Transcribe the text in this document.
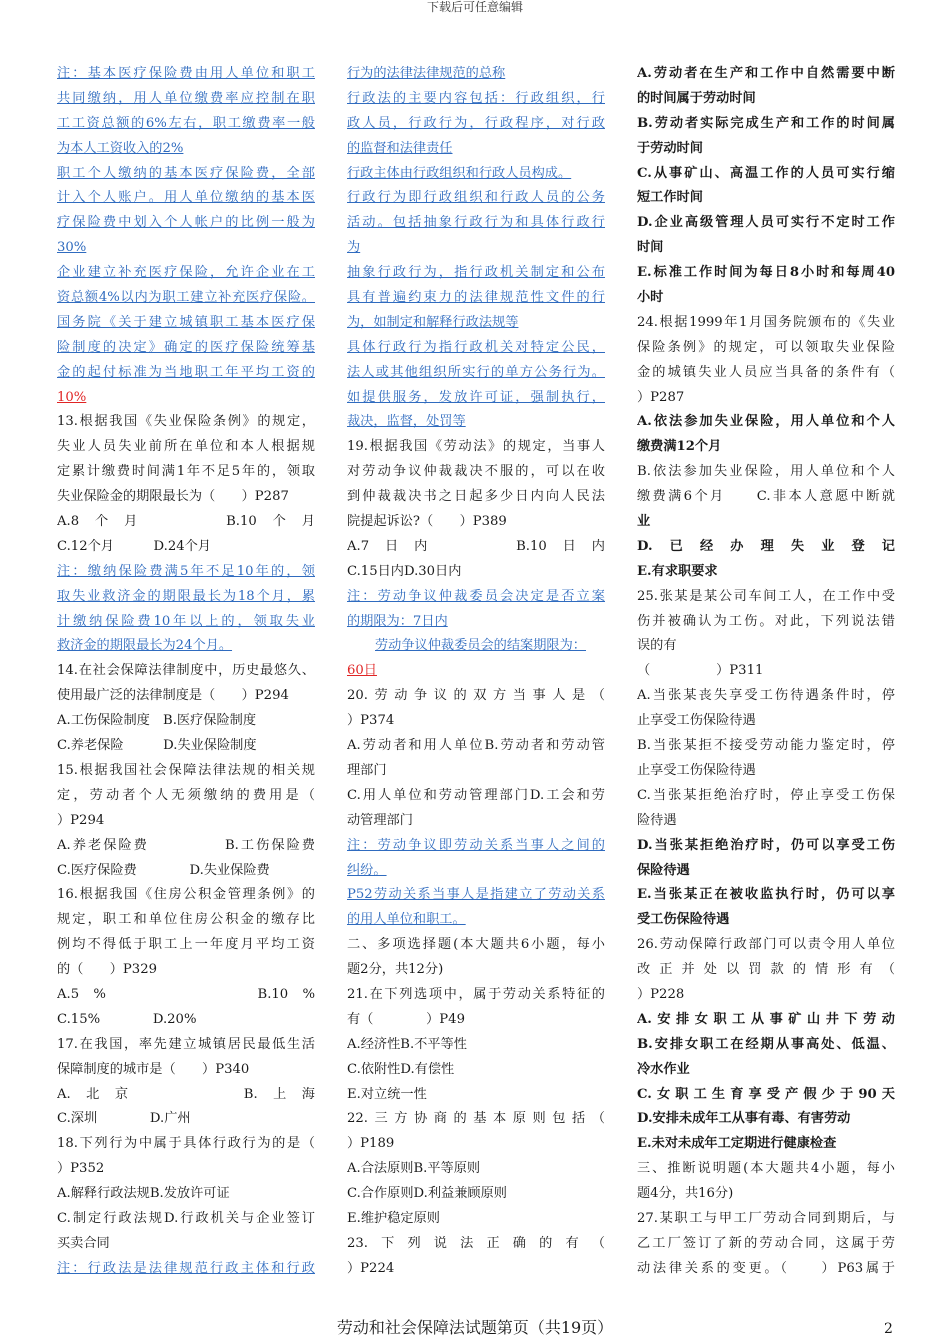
下载后可任意编辑
注：基本医疗保险费由用人单位和职工
共同缴纳，用人单位缴费率应控制在职
工工资总额的6%左右，职工缴费率一般
为本人工资收入的2%
职工个人缴纳的基本医疗保险费，全部
计入个人账户。用人单位缴纳的基本医
疗保险费中划入个人帐户的比例一般为
30%
企业建立补充医疗保险，允许企业在工
资总额4%以内为职工建立补充医疗保险。
国务院《关于建立城镇职工基本医疗保
险制度的决定》确定的医疗保险统筹基
金的起付标准为当地职工年平均工资的
10%
13.根据我国《失业保险条例》的规定，
失业人员失业前所在单位和本人根据规
定累计缴费时间满1年不足5年的，领取
失业保险金的期限最长为（　　）P287
A.8　个　月　　　　　　B.10　个　月
C.12个月　　　D.24个月
注：缴纳保险费满5年不足10年的，领
取失业救济金的期限最长为18个月，累
计缴纳保险费10年以上的，领取失业
救济金的期限最长为24个月。
14.在社会保障法律制度中，历史最悠久、
使用最广泛的法律制度是（　　）P294
A.工伤保险制度　B.医疗保险制度
C.养老保险　　　D.失业保险制度
15.根据我国社会保障法律法规的相关规
定，劳动者个人无须缴纳的费用是（
）P294
A.养老保险费　　　　　B.工伤保险费
C.医疗保险费　　　　D.失业保险费
16.根据我国《住房公积金管理条例》的
规定，职工和单位住房公积金的缴存比
例均不得低于职工上一年度月平均工资
的（　　）P329
A.5　%　　　　　　　　　　　B.10　%
C.15%　　　　D.20%
17.在我国，率先建立城镇居民最低生活
保障制度的城市是（　　）P340
A.　北　京　　　　　　　　B.　上　海
C.深圳　　　　D.广州
18.下列行为中属于具体行政行为的是（
）P352
A.解释行政法规B.发放许可证
C.制定行政法规D.行政机关与企业签订
买卖合同
注：行政法是法律规范行政主体和行政
行为的法律法律规范的总称
行政法的主要内容包括：行政组织，行
政人员，行政行为，行政程序，对行政
的监督和法律责任
行政主体由行政组织和行政人员构成。
行政行为即行政组织和行政人员的公务
活动。包括抽象行政行为和具体行政行
为
抽象行政行为，指行政机关制定和公布
具有普遍约束力的法律规范性文件的行
为，如制定和解释行政法规等
具体行政行为指行政机关对特定公民，
法人或其他组织所实行的单方公务行为。
如提供服务，发放许可证，强制执行，
裁决，监督，处罚等
19.根据我国《劳动法》的规定，当事人
对劳动争议仲裁裁决不服的，可以在收
到仲裁裁决书之日起多少日内向人民法
院提起诉讼?（　　）P389
A.7　日　内　　　　　　B.10　日　内
C.15日内D.30日内
注：劳动争议仲裁委员会决定是否立案
的期限为：7日内
劳动争议仲裁委员会的结案期限为：
60日
20.劳动争议的双方当事人是（
）P374
A.劳动者和用人单位B.劳动者和劳动管
理部门
C.用人单位和劳动管理部门D.工会和劳
动管理部门
注：劳动争议即劳动关系当事人之间的
纠纷。
P52劳动关系当事人是指建立了劳动关系
的用人单位和职工。
二、多项选择题(本大题共6小题，每小
题2分，共12分)
21.在下列选项中，属于劳动关系特征的
有（　　　　）P49
A.经济性B.不平等性
C.依附性D.有偿性
E.对立统一性
22.三方协商的基本原则包括（
）P189
A.合法原则B.平等原则
C.合作原则D.利益兼顾原则
E.维护稳定原则
23.下列说法正确的有（
）P224
A.劳动者在生产和工作中自然需要中断
的时间属于劳动时间
B.劳动者实际完成生产和工作的时间属
于劳动时间
C.从事矿山、高温工作的人员可实行缩
短工作时间
D.企业高级管理人员可实行不定时工作
时间
E.标准工作时间为每日8小时和每周40
小时
24.根据1999年1月国务院颁布的《失业
保险条例》的规定，可以领取失业保险
金的城镇失业人员应当具备的条件有（
）P287
A.依法参加失业保险，用人单位和个人
缴费满12个月
B.依法参加失业保险，用人单位和个人
缴费满6个月　　C.非本人意愿中断就
业
D.　已　经　办　理　失　业　登　记
E.有求职要求
25.张某是某公司车间工人，在工作中受
伤并被确认为工伤。对此，下列说法错
误的有
（　　　　　）P311
A.当张某丧失享受工伤待遇条件时，停
止享受工伤保险待遇
B.当张某拒不接受劳动能力鉴定时，停
止享受工伤保险待遇
C.当张某拒绝治疗时，停止享受工伤保
险待遇
D.当张某拒绝治疗时，仍可以享受工伤
保险待遇
E.当张某正在被收监执行时，仍可以享
受工伤保险待遇
26.劳动保障行政部门可以责令用人单位
改正并处以罚款的情形有（
）P228
A.安排女职工从事矿山井下劳动
B.安排女职工在经期从事高处、低温、
冷水作业
C.女职工生育享受产假少于90天
D.安排未成年工从事有毒、有害劳动
E.未对未成年工定期进行健康检查
三、推断说明题(本大题共4小题，每小
题4分，共16分)
27.某职工与甲工厂劳动合同到期后，与
乙工厂签订了新的劳动合同，这属于劳
动法律关系的变更。（　　）P63属于
劳动和社会保障法试题第页（共19页）	2
